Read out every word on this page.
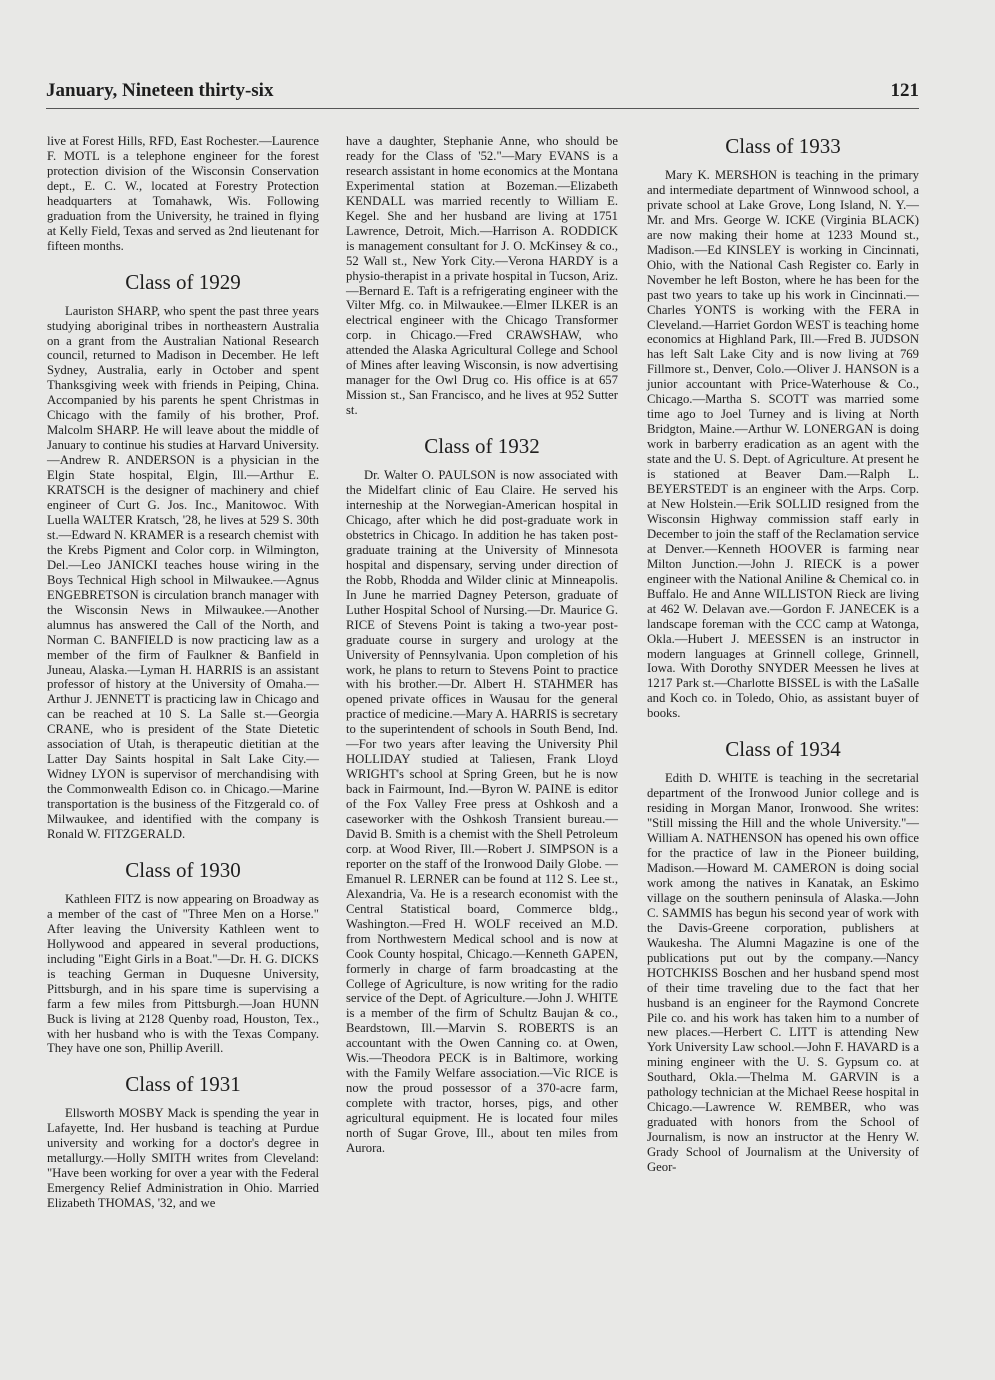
January, Nineteen thirty-six	121

live at Forest Hills, RFD, East Rochester.—Laurence F. MOTL is a telephone engineer for the forest protection division of the Wisconsin Conservation dept., E. C. W., located at Forestry Protection headquarters at Tomahawk, Wis. Following graduation from the University, he trained in flying at Kelly Field, Texas and served as 2nd lieutenant for fifteen months.

Class of 1929

Lauriston SHARP, who spent the past three years studying aboriginal tribes in northeastern Australia on a grant from the Australian National Research council, returned to Madison in December. He left Sydney, Australia, early in October and spent Thanksgiving week with friends in Peiping, China. Accompanied by his parents he spent Christmas in Chicago with the family of his brother, Prof. Malcolm SHARP. He will leave about the middle of January to continue his studies at Harvard University.—Andrew R. ANDERSON is a physician in the Elgin State hospital, Elgin, Ill.—Arthur E. KRATSCH is the designer of machinery and chief engineer of Curt G. Jos. Inc., Manitowoc. With Luella WALTER Kratsch, '28, he lives at 529 S. 30th st.—Edward N. KRAMER is a research chemist with the Krebs Pigment and Color corp. in Wilmington, Del.—Leo JANICKI teaches house wiring in the Boys Technical High school in Milwaukee.—Agnus ENGEBRETSON is circulation branch manager with the Wisconsin News in Milwaukee.—Another alumnus has answered the Call of the North, and Norman C. BANFIELD is now practicing law as a member of the firm of Faulkner & Banfield in Juneau, Alaska.—Lyman H. HARRIS is an assistant professor of history at the University of Omaha.—Arthur J. JENNETT is practicing law in Chicago and can be reached at 10 S. La Salle st.—Georgia CRANE, who is president of the State Dietetic association of Utah, is therapeutic dietitian at the Latter Day Saints hospital in Salt Lake City.—Widney LYON is supervisor of merchandising with the Commonwealth Edison co. in Chicago.—Marine transportation is the business of the Fitzgerald co. of Milwaukee, and identified with the company is Ronald W. FITZGERALD.

Class of 1930

Kathleen FITZ is now appearing on Broadway as a member of the cast of "Three Men on a Horse." After leaving the University Kathleen went to Hollywood and appeared in several productions, including "Eight Girls in a Boat."—Dr. H. G. DICKS is teaching German in Duquesne University, Pittsburgh, and in his spare time is supervising a farm a few miles from Pittsburgh.—Joan HUNN Buck is living at 2128 Quenby road, Houston, Tex., with her husband who is with the Texas Company. They have one son, Phillip Averill.

Class of 1931

Ellsworth MOSBY Mack is spending the year in Lafayette, Ind. Her husband is teaching at Purdue university and working for a doctor's degree in metallurgy.—Holly SMITH writes from Cleveland: "Have been working for over a year with the Federal Emergency Relief Administration in Ohio. Married Elizabeth THOMAS, '32, and we

have a daughter, Stephanie Anne, who should be ready for the Class of '52."—Mary EVANS is a research assistant in home economics at the Montana Experimental station at Bozeman.—Elizabeth KENDALL was married recently to William E. Kegel. She and her husband are living at 1751 Lawrence, Detroit, Mich.—Harrison A. RODDICK is management consultant for J. O. McKinsey & co., 52 Wall st., New York City.—Verona HARDY is a physio-therapist in a private hospital in Tucson, Ariz.—Bernard E. Taft is a refrigerating engineer with the Vilter Mfg. co. in Milwaukee.—Elmer ILKER is an electrical engineer with the Chicago Transformer corp. in Chicago.—Fred CRAWSHAW, who attended the Alaska Agricultural College and School of Mines after leaving Wisconsin, is now advertising manager for the Owl Drug co. His office is at 657 Mission st., San Francisco, and he lives at 952 Sutter st.

Class of 1932

Dr. Walter O. PAULSON is now associated with the Midelfart clinic of Eau Claire. He served his interneship at the Norwegian-American hospital in Chicago, after which he did post-graduate work in obstetrics in Chicago. In addition he has taken post-graduate training at the University of Minnesota hospital and dispensary, serving under direction of the Robb, Rhodda and Wilder clinic at Minneapolis. In June he married Dagney Peterson, graduate of Luther Hospital School of Nursing.—Dr. Maurice G. RICE of Stevens Point is taking a two-year post-graduate course in surgery and urology at the University of Pennsylvania. Upon completion of his work, he plans to return to Stevens Point to practice with his brother.—Dr. Albert H. STAHMER has opened private offices in Wausau for the general practice of medicine.—Mary A. HARRIS is secretary to the superintendent of schools in South Bend, Ind.—For two years after leaving the University Phil HOLLIDAY studied at Taliesen, Frank Lloyd WRIGHT's school at Spring Green, but he is now back in Fairmount, Ind.—Byron W. PAINE is editor of the Fox Valley Free press at Oshkosh and a caseworker with the Oshkosh Transient bureau.—David B. Smith is a chemist with the Shell Petroleum corp. at Wood River, Ill.—Robert J. SIMPSON is a reporter on the staff of the Ironwood Daily Globe. — Emanuel R. LERNER can be found at 112 S. Lee st., Alexandria, Va. He is a research economist with the Central Statistical board, Commerce bldg., Washington.—Fred H. WOLF received an M.D. from Northwestern Medical school and is now at Cook County hospital, Chicago.—Kenneth GAPEN, formerly in charge of farm broadcasting at the College of Agriculture, is now writing for the radio service of the Dept. of Agriculture.—John J. WHITE is a member of the firm of Schultz Baujan & co., Beardstown, Ill.—Marvin S. ROBERTS is an accountant with the Owen Canning co. at Owen, Wis.—Theodora PECK is in Baltimore, working with the Family Welfare association.—Vic RICE is now the proud possessor of a 370-acre farm, complete with tractor, horses, pigs, and other agricultural equipment. He is located four miles north of Sugar Grove, Ill., about ten miles from Aurora.

Class of 1933

Mary K. MERSHON is teaching in the primary and intermediate department of Winnwood school, a private school at Lake Grove, Long Island, N. Y.—Mr. and Mrs. George W. ICKE (Virginia BLACK) are now making their home at 1233 Mound st., Madison.—Ed KINSLEY is working in Cincinnati, Ohio, with the National Cash Register co. Early in November he left Boston, where he has been for the past two years to take up his work in Cincinnati.—Charles YONTS is working with the FERA in Cleveland.—Harriet Gordon WEST is teaching home economics at Highland Park, Ill.—Fred B. JUDSON has left Salt Lake City and is now living at 769 Fillmore st., Denver, Colo.—Oliver J. HANSON is a junior accountant with Price-Waterhouse & Co., Chicago.—Martha S. SCOTT was married some time ago to Joel Turney and is living at North Bridgton, Maine.—Arthur W. LONERGAN is doing work in barberry eradication as an agent with the state and the U. S. Dept. of Agriculture. At present he is stationed at Beaver Dam.—Ralph L. BEYERSTEDT is an engineer with the Arps. Corp. at New Holstein.—Erik SOLLID resigned from the Wisconsin Highway commission staff early in December to join the staff of the Reclamation service at Denver.—Kenneth HOOVER is farming near Milton Junction.—John J. RIECK is a power engineer with the National Aniline & Chemical co. in Buffalo. He and Anne WILLISTON Rieck are living at 462 W. Delavan ave.—Gordon F. JANECEK is a landscape foreman with the CCC camp at Watonga, Okla.—Hubert J. MEESSEN is an instructor in modern languages at Grinnell college, Grinnell, Iowa. With Dorothy SNYDER Meessen he lives at 1217 Park st.—Charlotte BISSEL is with the LaSalle and Koch co. in Toledo, Ohio, as assistant buyer of books.

Class of 1934

Edith D. WHITE is teaching in the secretarial department of the Ironwood Junior college and is residing in Morgan Manor, Ironwood. She writes: "Still missing the Hill and the whole University."—William A. NATHENSON has opened his own office for the practice of law in the Pioneer building, Madison.—Howard M. CAMERON is doing social work among the natives in Kanatak, an Eskimo village on the southern peninsula of Alaska.—John C. SAMMIS has begun his second year of work with the Davis-Greene corporation, publishers at Waukesha. The Alumni Magazine is one of the publications put out by the company.—Nancy HOTCHKISS Boschen and her husband spend most of their time traveling due to the fact that her husband is an engineer for the Raymond Concrete Pile co. and his work has taken him to a number of new places.—Herbert C. LITT is attending New York University Law school.—John F. HAVARD is a mining engineer with the U. S. Gypsum co. at Southard, Okla.—Thelma M. GARVIN is a pathology technician at the Michael Reese hospital in Chicago.—Lawrence W. REMBER, who was graduated with honors from the School of Journalism, is now an instructor at the Henry W. Grady School of Journalism at the University of Geor-
